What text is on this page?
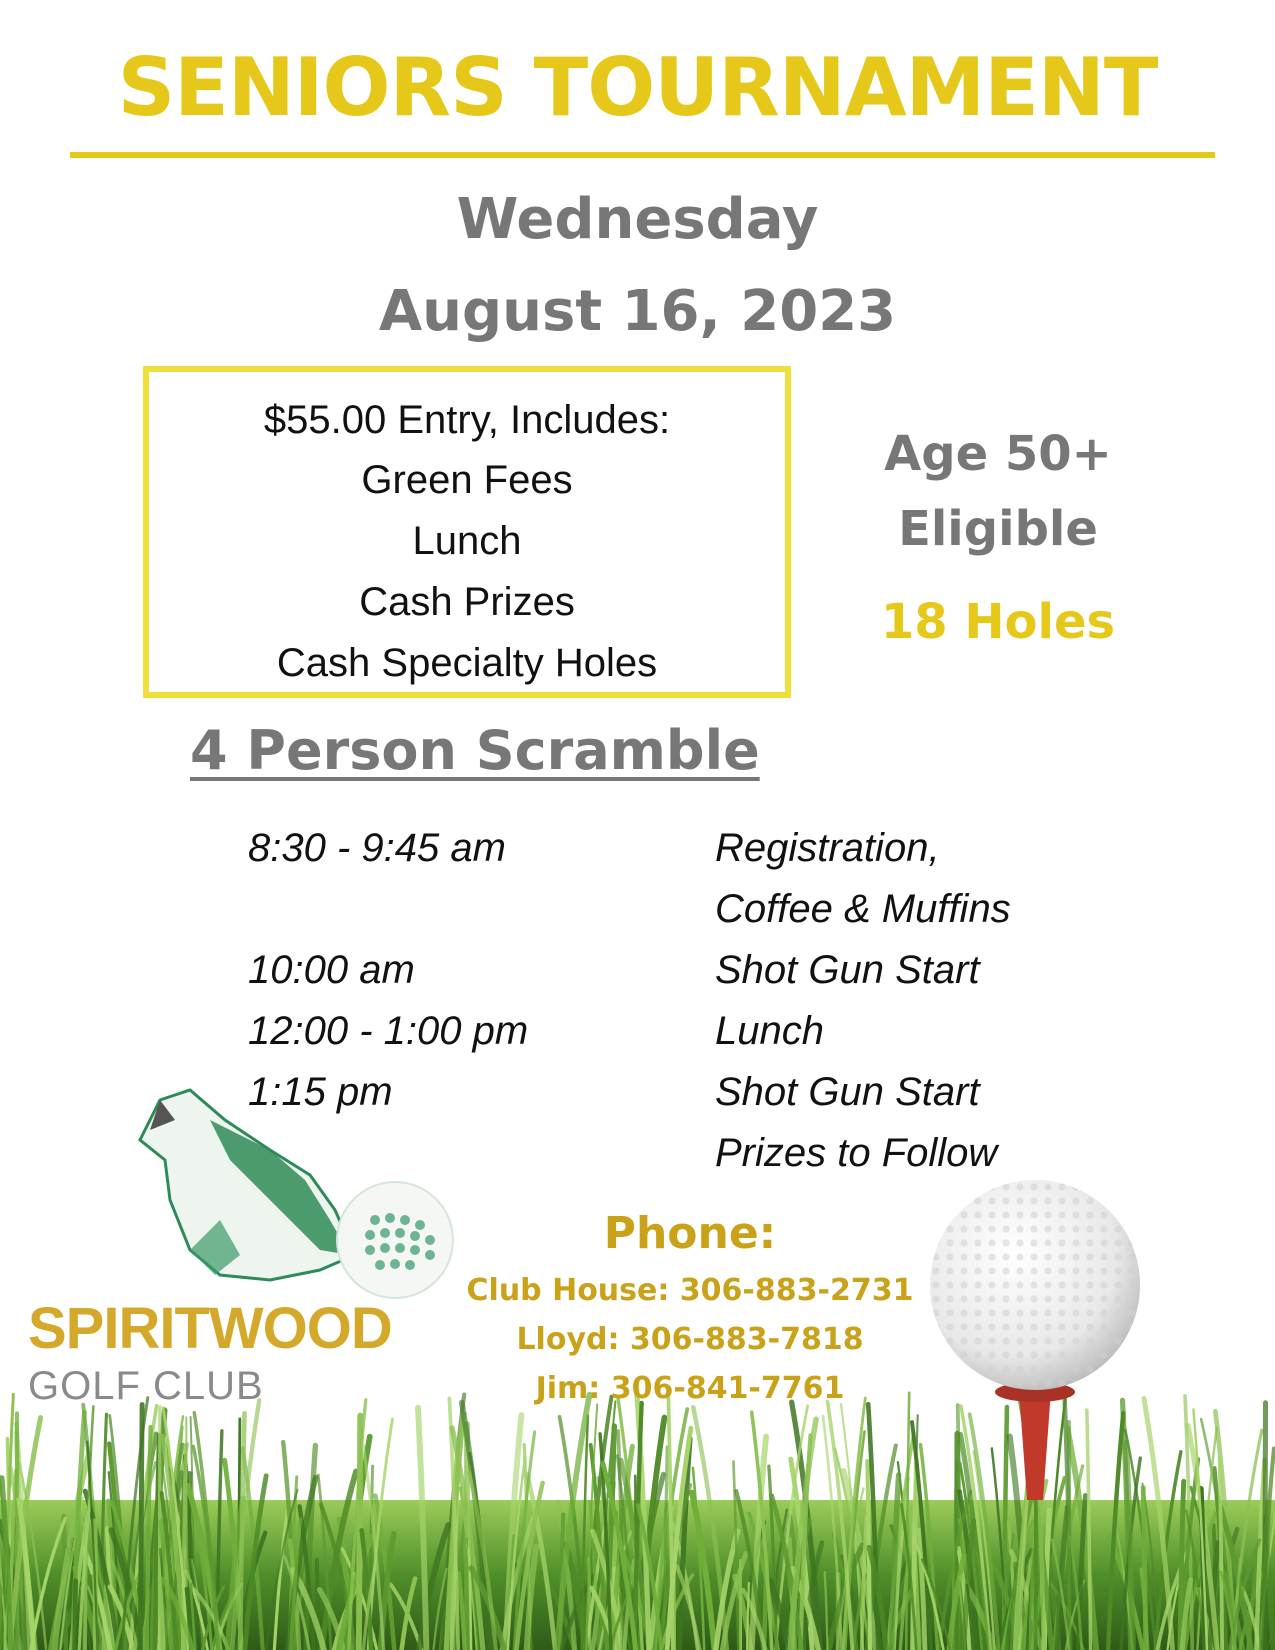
SENIORS TOURNAMENT
Wednesday
August 16, 2023
$55.00 Entry, Includes:
Green Fees
Lunch
Cash Prizes
Cash Specialty Holes
Age 50+
Eligible
18 Holes
4 Person Scramble
8:30 - 9:45 am	Registration,
Coffee & Muffins
10:00 am	Shot Gun Start
12:00 - 1:00 pm	Lunch
1:15 pm	Shot Gun Start
Prizes to Follow
SPIRITWOOD
GOLF CLUB
Phone:
Club House: 306-883-2731
Lloyd: 306-883-7818
Jim: 306-841-7761
